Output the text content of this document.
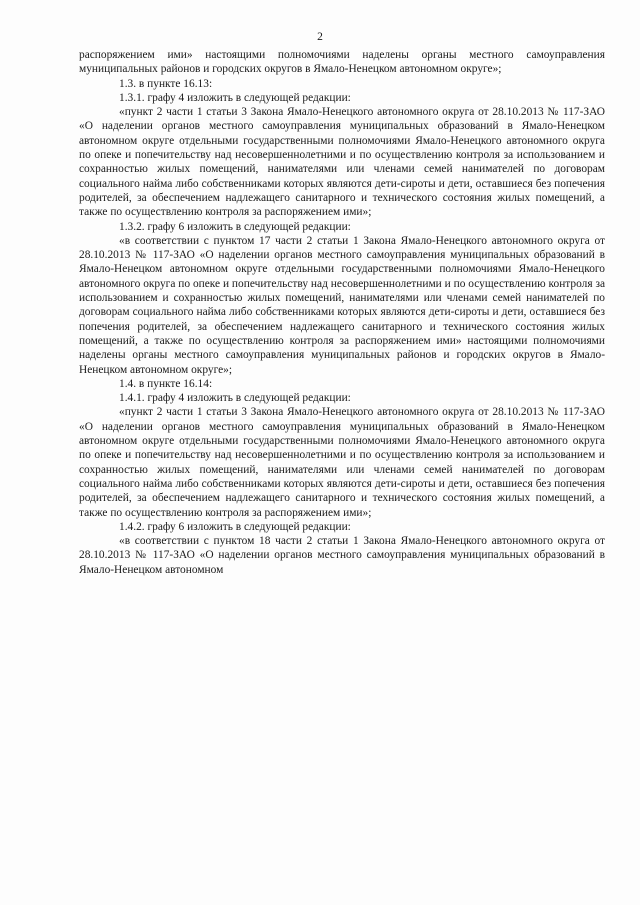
2

распоряжением ими» настоящими полномочиями наделены органы местного самоуправления муниципальных районов и городских округов в Ямало-Ненецком автономном округе»;

1.3. в пункте 16.13:

1.3.1. графу 4 изложить в следующей редакции:

«пункт 2 части 1 статьи 3 Закона Ямало-Ненецкого автономного округа от 28.10.2013 № 117-ЗАО «О наделении органов местного самоуправления муниципальных образований в Ямало-Ненецком автономном округе отдельными государственными полномочиями Ямало-Ненецкого автономного округа по опеке и попечительству над несовершеннолетними и по осуществлению контроля за использованием и сохранностью жилых помещений, нанимателями или членами семей нанимателей по договорам социального найма либо собственниками которых являются дети-сироты и дети, оставшиеся без попечения родителей, за обеспечением надлежащего санитарного и технического состояния жилых помещений, а также по осуществлению контроля за распоряжением ими»;

1.3.2. графу 6 изложить в следующей редакции:

«в соответствии с пунктом 17 части 2 статьи 1 Закона Ямало-Ненецкого автономного округа от 28.10.2013 № 117-ЗАО «О наделении органов местного самоуправления муниципальных образований в Ямало-Ненецком автономном округе отдельными государственными полномочиями Ямало-Ненецкого автономного округа по опеке и попечительству над несовершеннолетними и по осуществлению контроля за использованием и сохранностью жилых помещений, нанимателями или членами семей нанимателей по договорам социального найма либо собственниками которых являются дети-сироты и дети, оставшиеся без попечения родителей, за обеспечением надлежащего санитарного и технического состояния жилых помещений, а также по осуществлению контроля за распоряжением ими» настоящими полномочиями наделены органы местного самоуправления муниципальных районов и городских округов в Ямало-Ненецком автономном округе»;

1.4. в пункте 16.14:

1.4.1. графу 4 изложить в следующей редакции:

«пункт 2 части 1 статьи 3 Закона Ямало-Ненецкого автономного округа от 28.10.2013 № 117-ЗАО «О наделении органов местного самоуправления муниципальных образований в Ямало-Ненецком автономном округе отдельными государственными полномочиями Ямало-Ненецкого автономного округа по опеке и попечительству над несовершеннолетними и по осуществлению контроля за использованием и сохранностью жилых помещений, нанимателями или членами семей нанимателей по договорам социального найма либо собственниками которых являются дети-сироты и дети, оставшиеся без попечения родителей, за обеспечением надлежащего санитарного и технического состояния жилых помещений, а также по осуществлению контроля за распоряжением ими»;

1.4.2. графу 6 изложить в следующей редакции:

«в соответствии с пунктом 18 части 2 статьи 1 Закона Ямало-Ненецкого автономного округа от 28.10.2013 № 117-ЗАО «О наделении органов местного самоуправления муниципальных образований в Ямало-Ненецком автономном
